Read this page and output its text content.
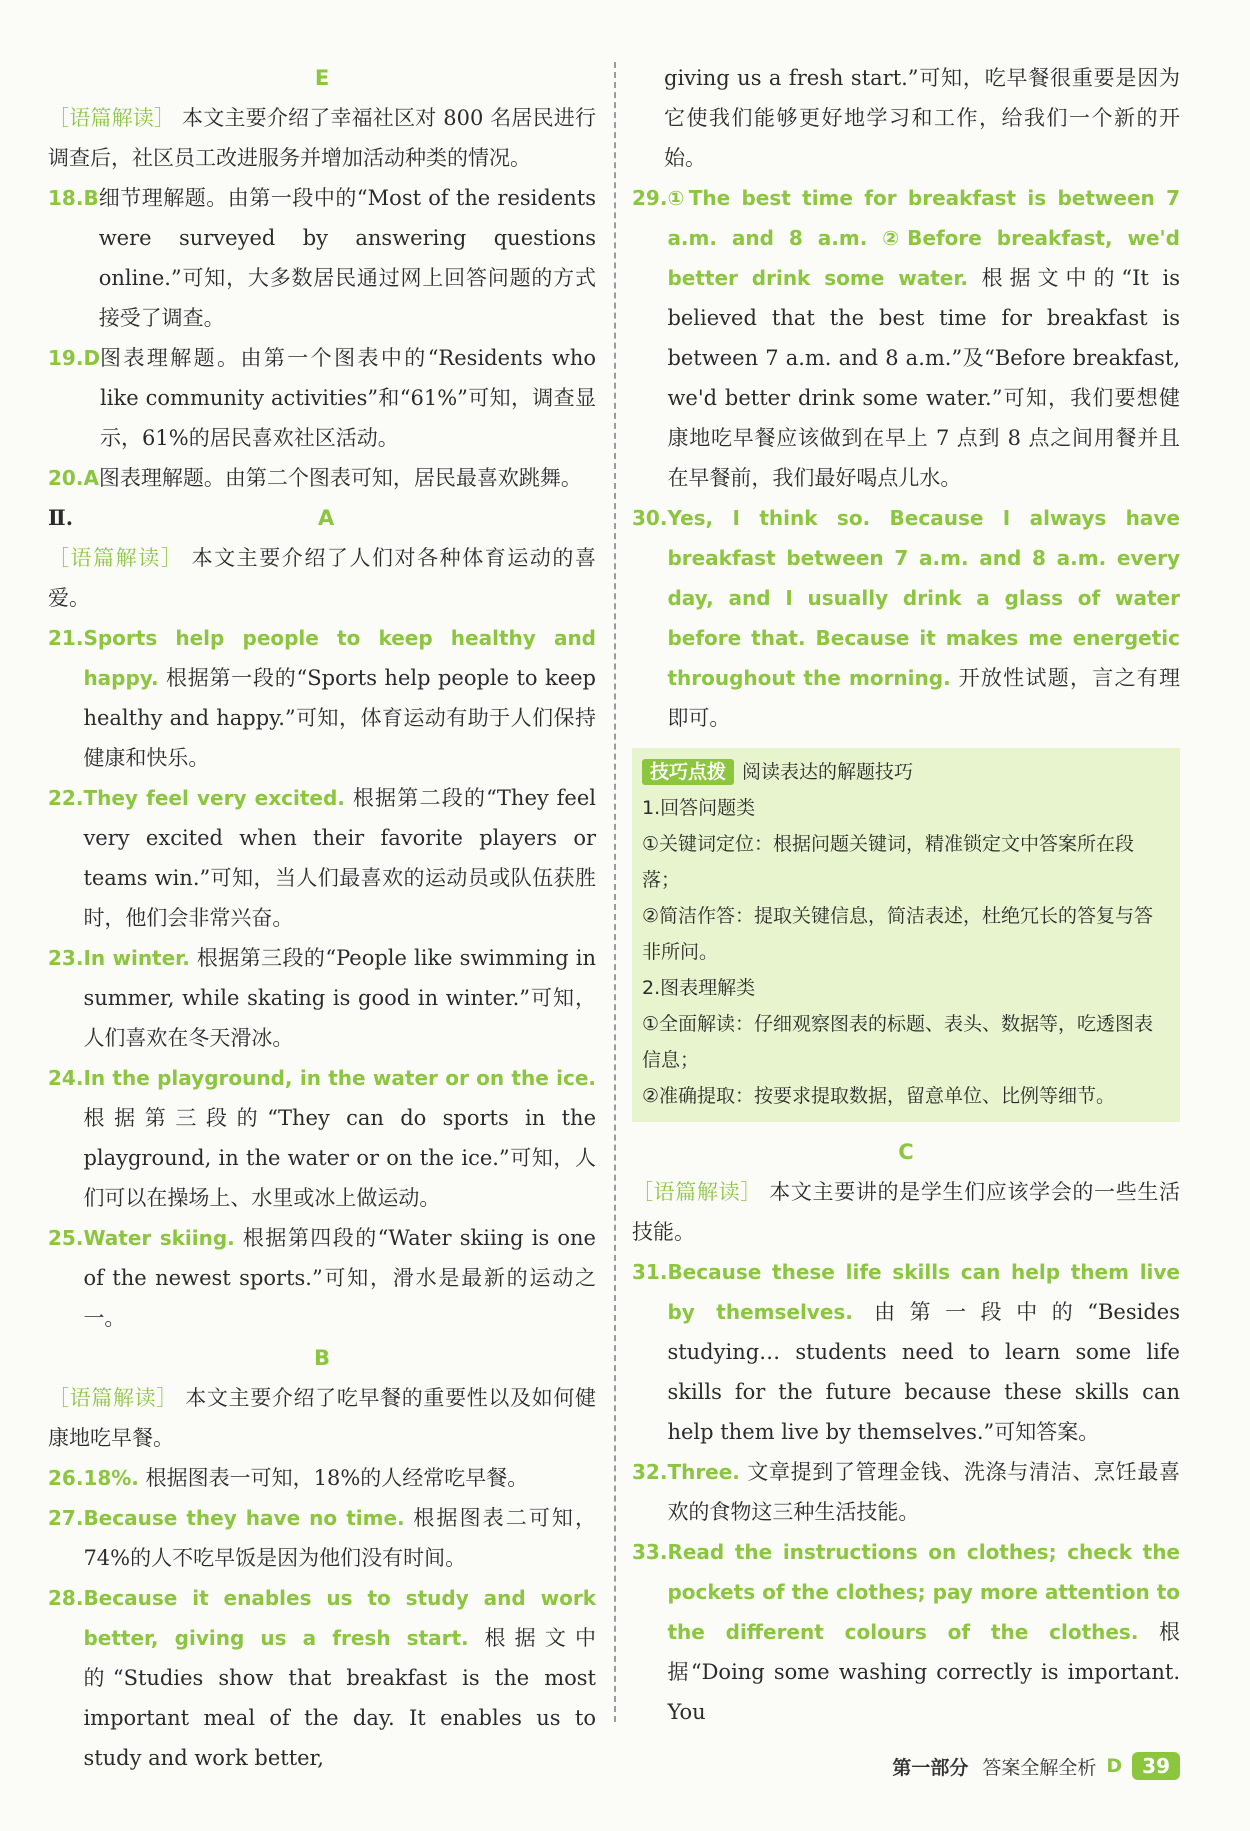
E

［语篇解读］ 本文主要介绍了幸福社区对 800 名居民进行调查后，社区员工改进服务并增加活动种类的情况。

18.B 细节理解题。由第一段中的“Most of the residents were surveyed by answering questions online.”可知，大多数居民通过网上回答问题的方式接受了调查。
19.D 图表理解题。由第一个图表中的“Residents who like community activities”和“61%”可知，调查显示，61%的居民喜欢社区活动。
20.A 图表理解题。由第二个图表可知，居民最喜欢跳舞。
Ⅱ.	A

［语篇解读］ 本文主要介绍了人们对各种体育运动的喜爱。

21. Sports help people to keep healthy and happy. 根据第一段的“Sports help people to keep healthy and happy.”可知，体育运动有助于人们保持健康和快乐。
22. They feel very excited. 根据第二段的“They feel very excited when their favorite players or teams win.”可知，当人们最喜欢的运动员或队伍获胜时，他们会非常兴奋。
23. In winter. 根据第三段的“People like swimming in summer, while skating is good in winter.”可知，人们喜欢在冬天滑冰。
24. In the playground, in the water or on the ice. 根据第三段的“They can do sports in the playground, in the water or on the ice.”可知，人们可以在操场上、水里或冰上做运动。
25. Water skiing. 根据第四段的“Water skiing is one of the newest sports.”可知，滑水是最新的运动之一。
B

［语篇解读］ 本文主要介绍了吃早餐的重要性以及如何健康地吃早餐。

26. 18%. 根据图表一可知，18%的人经常吃早餐。
27. Because they have no time. 根据图表二可知，74%的人不吃早饭是因为他们没有时间。
28. Because it enables us to study and work better, giving us a fresh start. 根据文中的“Studies show that breakfast is the most important meal of the day. It enables us to study and work better,

giving us a fresh start.”可知，吃早餐很重要是因为它使我们能够更好地学习和工作，给我们一个新的开始。

29. ①The best time for breakfast is between 7 a.m. and 8 a.m. ②Before breakfast, we'd better drink some water. 根据文中的“It is believed that the best time for breakfast is between 7 a.m. and 8 a.m.”及“Before breakfast, we'd better drink some water.”可知，我们要想健康地吃早餐应该做到在早上 7 点到 8 点之间用餐并且在早餐前，我们最好喝点儿水。
30. Yes, I think so. Because I always have breakfast between 7 a.m. and 8 a.m. every day, and I usually drink a glass of water before that. Because it makes me energetic throughout the morning. 开放性试题，言之有理即可。
技巧点拨 阅读表达的解题技巧
1.回答问题类
①关键词定位：根据问题关键词，精准锁定文中答案所在段落；
②简洁作答：提取关键信息，简洁表述，杜绝冗长的答复与答非所问。
2.图表理解类
①全面解读：仔细观察图表的标题、表头、数据等，吃透图表信息；
②准确提取：按要求提取数据，留意单位、比例等细节。
C

［语篇解读］ 本文主要讲的是学生们应该学会的一些生活技能。

31. Because these life skills can help them live by themselves. 由第一段中的“Besides studying… students need to learn some life skills for the future because these skills can help them live by themselves.”可知答案。
32. Three. 文章提到了管理金钱、洗涤与清洁、烹饪最喜欢的食物这三种生活技能。
33. Read the instructions on clothes; check the pockets of the clothes; pay more attention to the different colours of the clothes. 根据“Doing some washing correctly is important. You
第一部分 答案全解全析 D	39
